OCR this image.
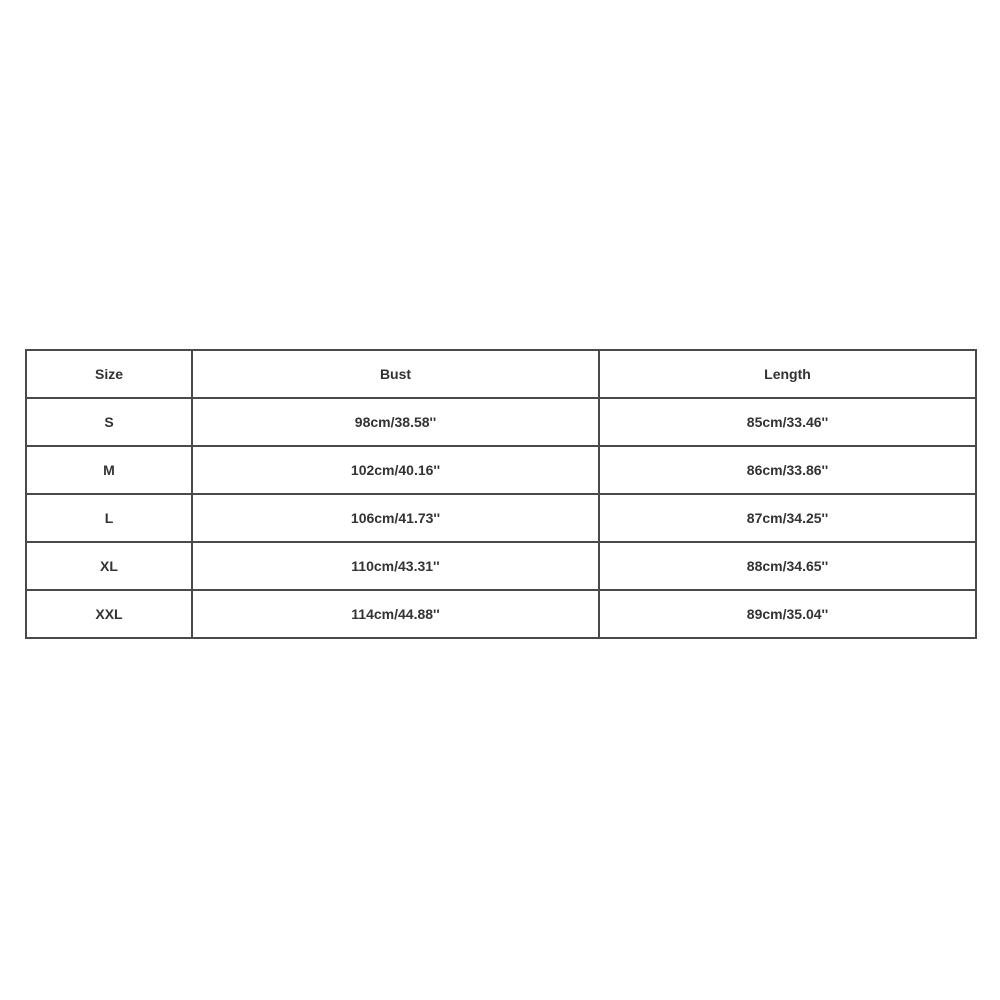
Size	Bust	Length
S	98cm/38.58''	85cm/33.46''
M	102cm/40.16''	86cm/33.86''
L	106cm/41.73''	87cm/34.25''
XL	110cm/43.31''	88cm/34.65''
XXL	114cm/44.88''	89cm/35.04''
